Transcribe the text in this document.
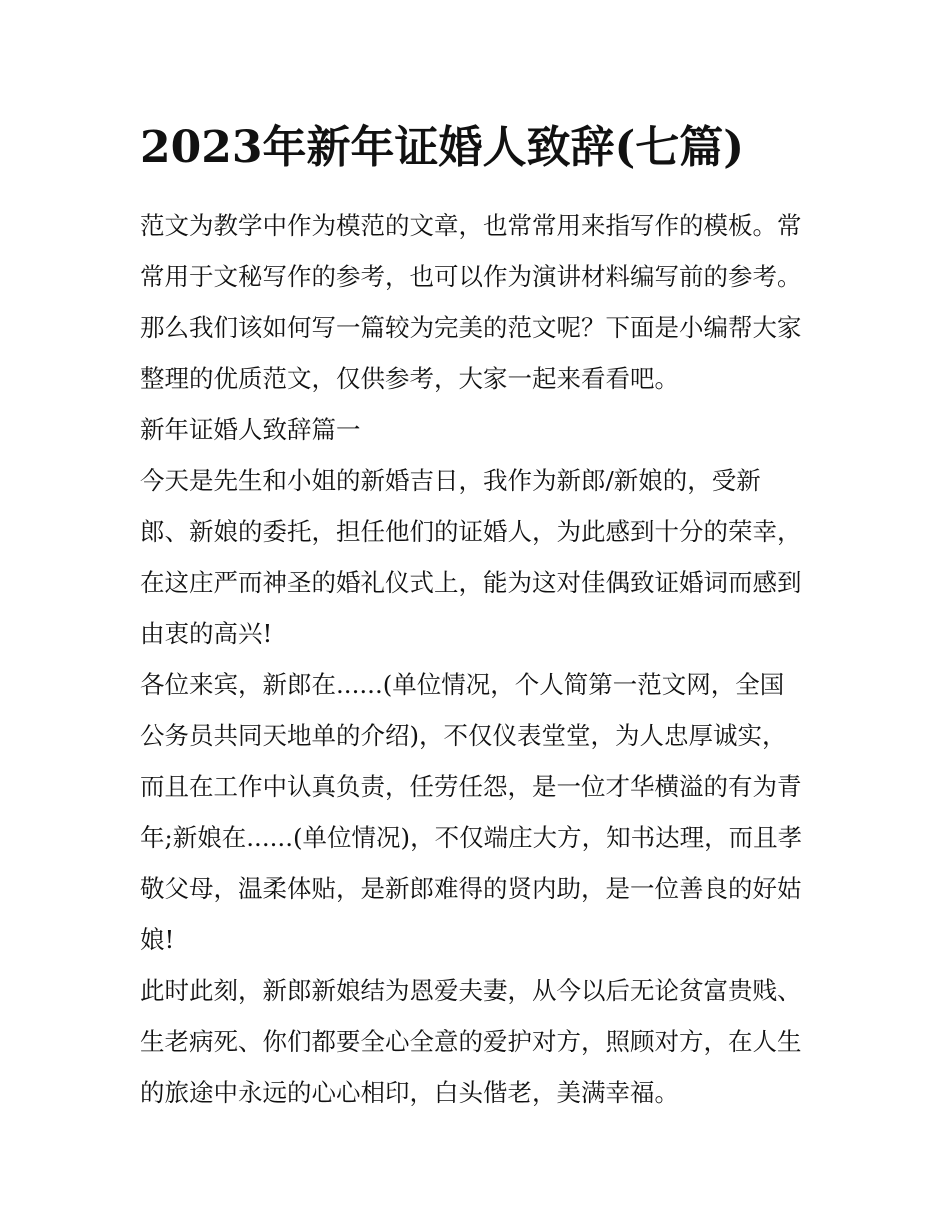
2023年新年证婚人致辞(七篇)
范文为教学中作为模范的文章，也常常用来指写作的模板。常
常用于文秘写作的参考，也可以作为演讲材料编写前的参考。
那么我们该如何写一篇较为完美的范文呢？下面是小编帮大家
整理的优质范文，仅供参考，大家一起来看看吧。
新年证婚人致辞篇一
今天是先生和小姐的新婚吉日，我作为新郎/新娘的，受新
郎、新娘的委托，担任他们的证婚人，为此感到十分的荣幸，
在这庄严而神圣的婚礼仪式上，能为这对佳偶致证婚词而感到
由衷的高兴!
各位来宾，新郎在......(单位情况，个人简第一范文网，全国
公务员共同天地单的介绍)，不仅仪表堂堂，为人忠厚诚实，
而且在工作中认真负责，任劳任怨，是一位才华横溢的有为青
年;新娘在......(单位情况)，不仅端庄大方，知书达理，而且孝
敬父母，温柔体贴，是新郎难得的贤内助，是一位善良的好姑
娘!
此时此刻，新郎新娘结为恩爱夫妻，从今以后无论贫富贵贱、
生老病死、你们都要全心全意的爱护对方，照顾对方，在人生
的旅途中永远的心心相印，白头偕老，美满幸福。
